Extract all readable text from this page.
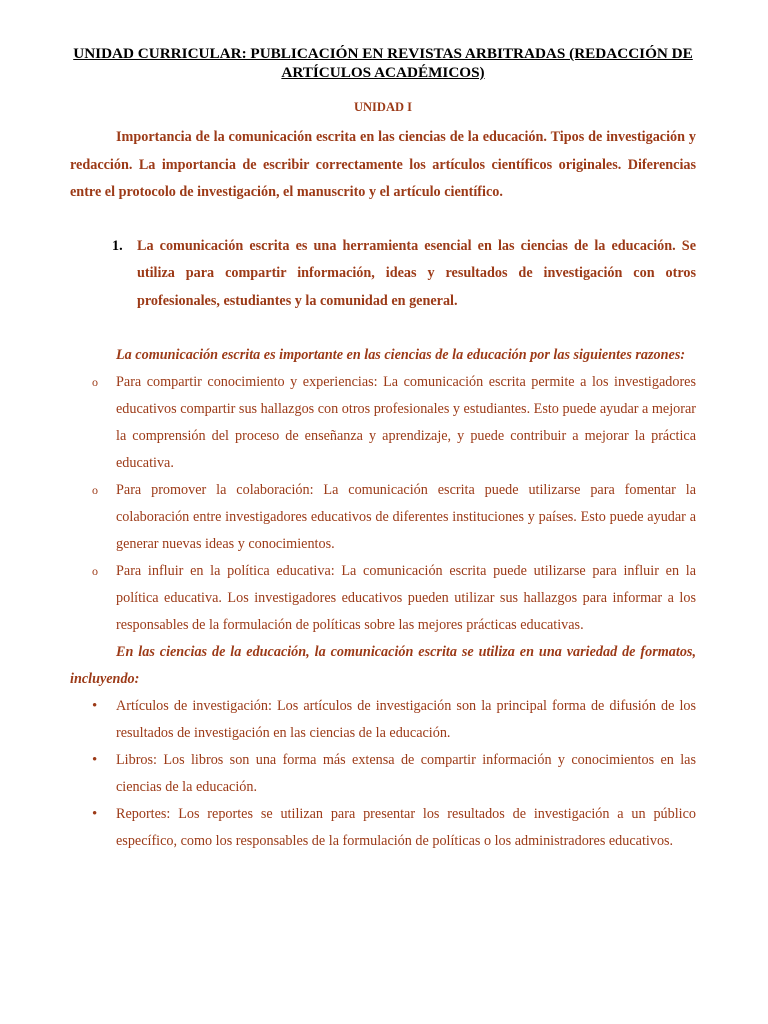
UNIDAD CURRICULAR: PUBLICACIÓN EN REVISTAS ARBITRADAS (REDACCIÓN DE ARTÍCULOS ACADÉMICOS)
UNIDAD I

Importancia de la comunicación escrita en las ciencias de la educación. Tipos de investigación y redacción. La importancia de escribir correctamente los artículos científicos originales. Diferencias entre el protocolo de investigación, el manuscrito y el artículo científico.

1. La comunicación escrita es una herramienta esencial en las ciencias de la educación. Se utiliza para compartir información, ideas y resultados de investigación con otros profesionales, estudiantes y la comunidad en general.

La comunicación escrita es importante en las ciencias de la educación por las siguientes razones:

o Para compartir conocimiento y experiencias: La comunicación escrita permite a los investigadores educativos compartir sus hallazgos con otros profesionales y estudiantes. Esto puede ayudar a mejorar la comprensión del proceso de enseñanza y aprendizaje, y puede contribuir a mejorar la práctica educativa.
o Para promover la colaboración: La comunicación escrita puede utilizarse para fomentar la colaboración entre investigadores educativos de diferentes instituciones y países. Esto puede ayudar a generar nuevas ideas y conocimientos.
o Para influir en la política educativa: La comunicación escrita puede utilizarse para influir en la política educativa. Los investigadores educativos pueden utilizar sus hallazgos para informar a los responsables de la formulación de políticas sobre las mejores prácticas educativas.

En las ciencias de la educación, la comunicación escrita se utiliza en una variedad de formatos, incluyendo:

• Artículos de investigación: Los artículos de investigación son la principal forma de difusión de los resultados de investigación en las ciencias de la educación.
• Libros: Los libros son una forma más extensa de compartir información y conocimientos en las ciencias de la educación.
• Reportes: Los reportes se utilizan para presentar los resultados de investigación a un público específico, como los responsables de la formulación de políticas o los administradores educativos.
